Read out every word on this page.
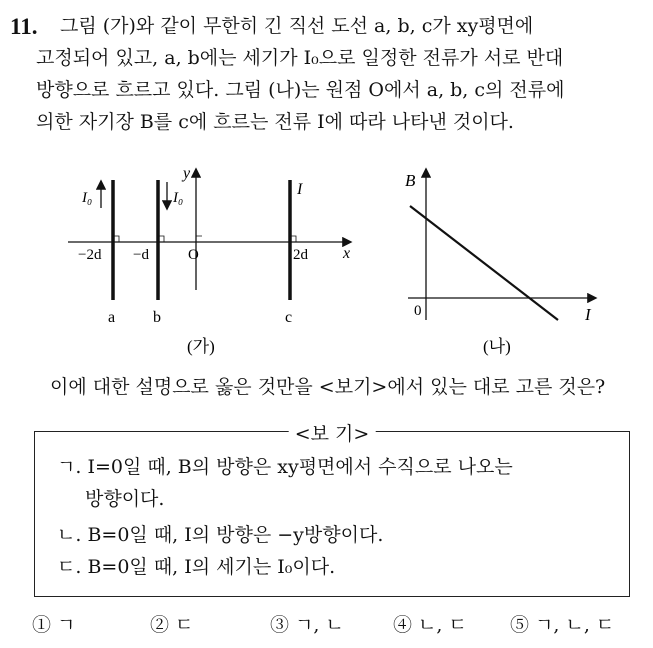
11.	그림 (가)와 같이 무한히 긴 직선 도선 a, b, c가 xy평면에
고정되어 있고, a, b에는 세기가 I₀으로 일정한 전류가 서로 반대
방향으로 흐르고 있다. 그림 (나)는 원점 O에서 a, b, c의 전류에
의한 자기장 B를 c에 흐르는 전류 I에 따라 나타낸 것이다.
y
x
O
I₀	I₀	I
−2d −d	2d
a b	c
(가)
B
I
0
(나)
이에 대한 설명으로 옳은 것만을 <보기>에서 있는 대로 고른 것은?
<보 기>
ㄱ. I=0일 때, B의 방향은 xy평면에서 수직으로 나오는
방향이다.
ㄴ. B=0일 때, I의 방향은 −y방향이다.
ㄷ. B=0일 때, I의 세기는 I₀이다.
① ㄱ	② ㄷ	③ ㄱ, ㄴ	④ ㄴ, ㄷ ⑤ ㄱ, ㄴ, ㄷ
